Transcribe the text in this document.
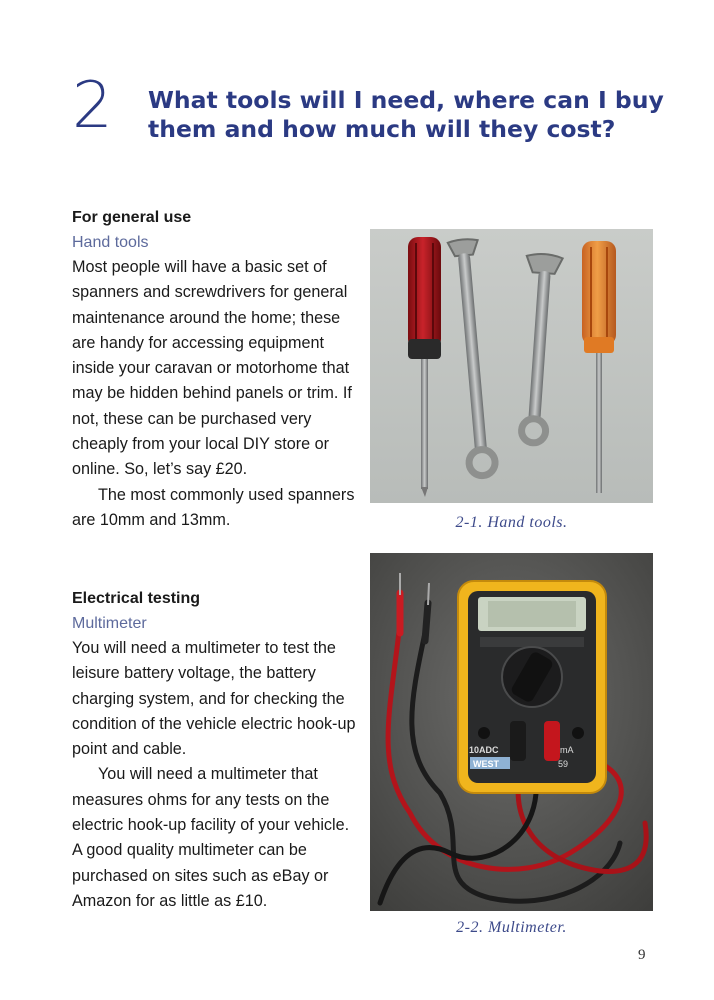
2 What tools will I need, where can I buy them and how much will they cost?
For general use
Hand tools
Most people will have a basic set of spanners and screwdrivers for general maintenance around the home; these are handy for accessing equipment inside your caravan or motorhome that may be hidden behind panels or trim. If not, these can be purchased very cheaply from your local DIY store or online. So, let’s say £20.
The most commonly used spanners are 10mm and 13mm.
Electrical testing
Multimeter
You will need a multimeter to test the leisure battery voltage, the battery charging system, and for checking the condition of the vehicle electric hook-up point and cable.
You will need a multimeter that measures ohms for any tests on the electric hook-up facility of your vehicle. A good quality multimeter can be purchased on sites such as eBay or Amazon for as little as £10.
2-1. Hand tools.
10ADC	mA
WEST	59
2-2. Multimeter.
9
